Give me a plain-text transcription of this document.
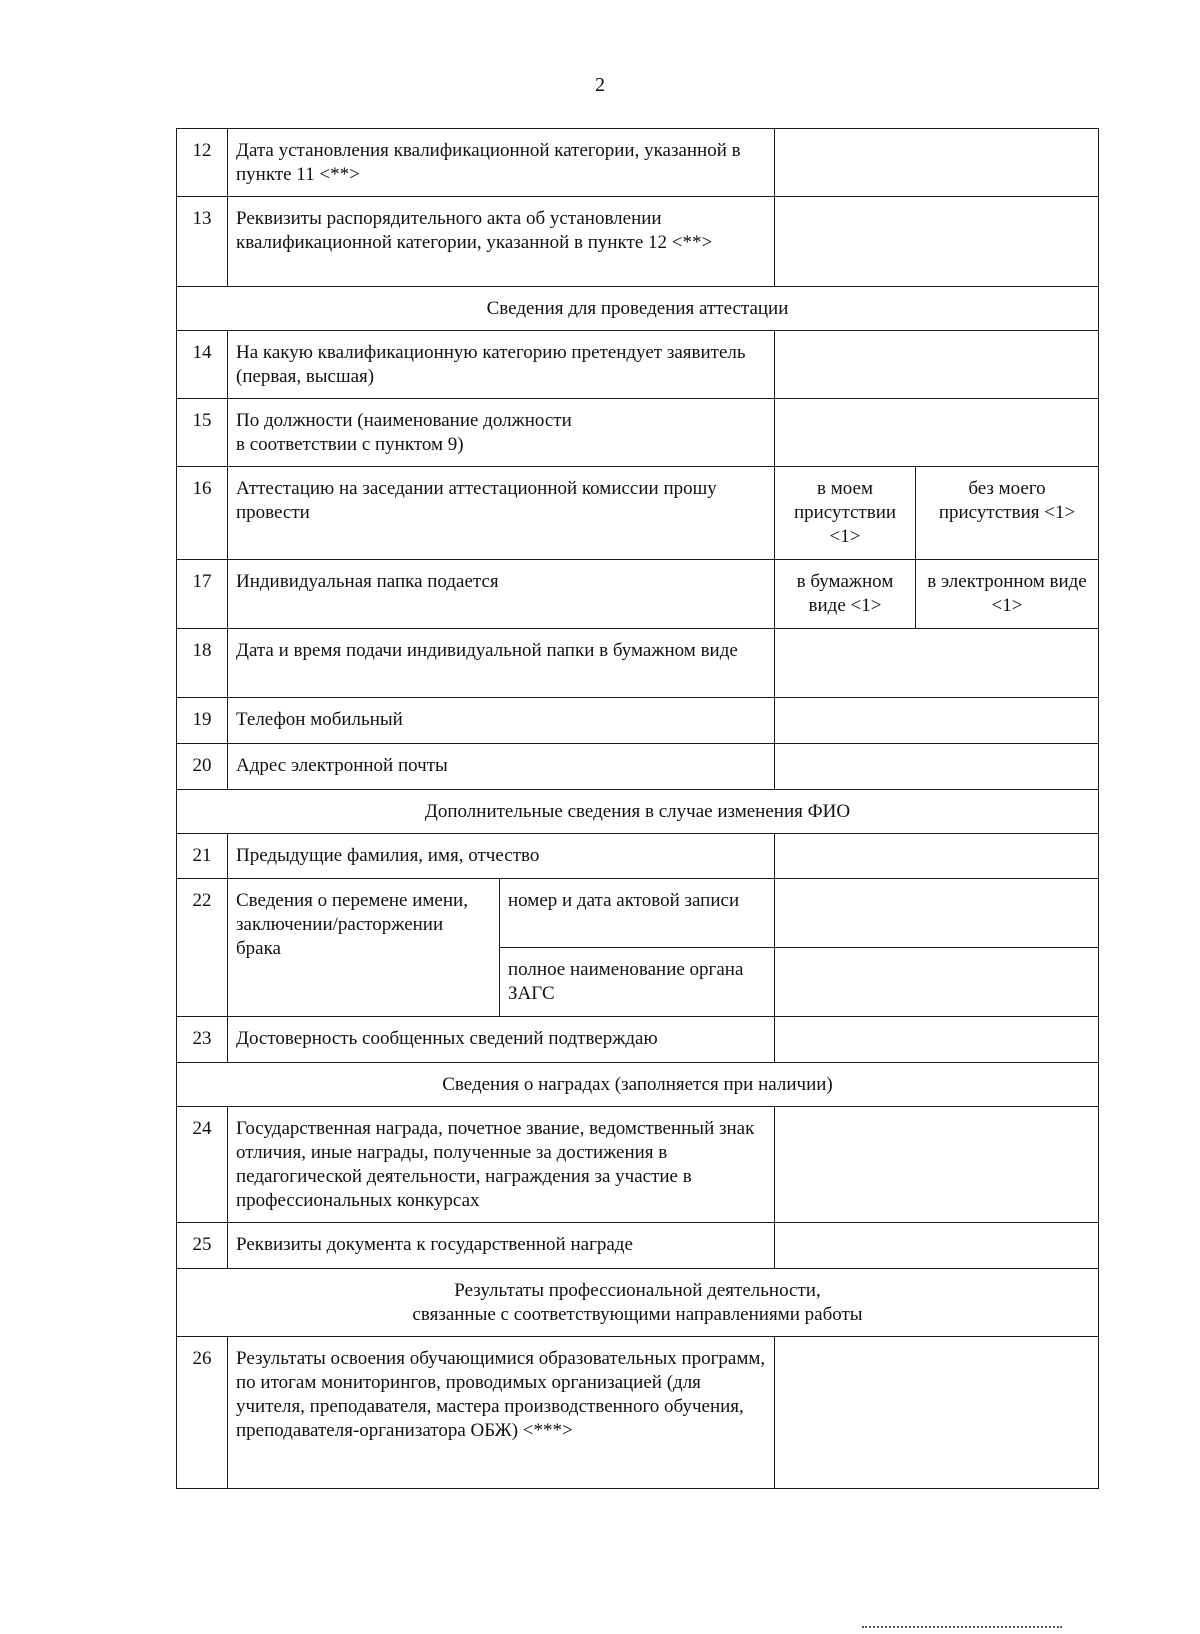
2
12	Дата установления квалификационной категории, указанной в пункте 11 <**>			
13	Реквизиты распорядительного акта об установлении квалификационной категории, указанной в пункте 12 <**>			
Сведения для проведения аттестации				
14	На какую квалификационную категорию претендует заявитель (первая, высшая)			
15	По должности (наименование должности
в соответствии с пунктом 9)			

16	Аттестацию на заседании аттестационной комиссии прошу провести		в моем присутствии <1>	без моего присутствия <1>
17	Индивидуальная папка подается		в бумажном виде <1>	в электронном виде <1>
18	Дата и время подачи индивидуальной папки в бумажном виде			
19	Телефон мобильный			
20	Адрес электронной почты			
Дополнительные сведения в случае изменения ФИО				
21	Предыдущие фамилия, имя, отчество			
22	Сведения о перемене имени, заключении/расторжении брака	номер и дата актовой записи		
		полное наименование органа ЗАГС		
23	Достоверность сообщенных сведений подтверждаю			
Сведения о наградах (заполняется при наличии)				
24	Государственная награда, почетное звание, ведомственный знак отличия, иные награды, полученные за достижения в педагогической деятельности, награждения за участие в профессиональных конкурсах			
25	Реквизиты документа к государственной награде			

Результаты профессиональной деятельности,
связанные с соответствующими направлениями работы				

26	Результаты освоения обучающимися образовательных программ, по итогам мониторингов, проводимых организацией (для учителя, преподавателя, мастера производственного обучения, преподавателя-организатора ОБЖ) <***>			
